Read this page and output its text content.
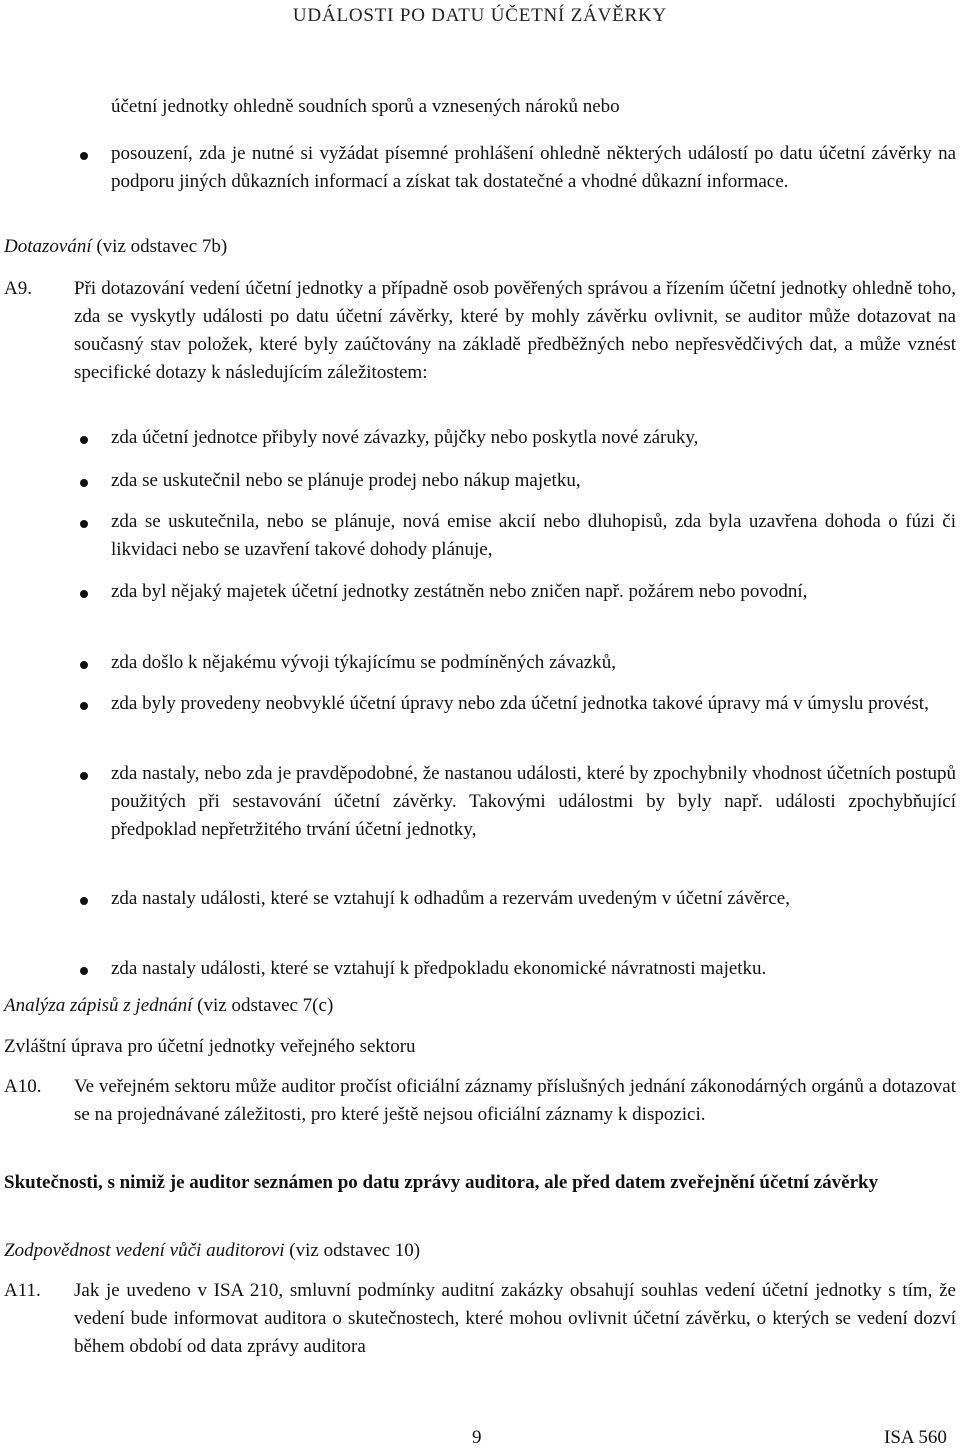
UDÁLOSTI PO DATU ÚČETNÍ ZÁVĚRKY
účetní jednotky ohledně soudních sporů a vznesených nároků nebo
posouzení, zda je nutné si vyžádat písemné prohlášení ohledně některých událostí po datu účetní závěrky na podporu jiných důkazních informací a získat tak dostatečné a vhodné důkazní informace.
Dotazování (viz odstavec 7b)
A9. Při dotazování vedení účetní jednotky a případně osob pověřených správou a řízením účetní jednotky ohledně toho, zda se vyskytly události po datu účetní závěrky, které by mohly závěrku ovlivnit, se auditor může dotazovat na současný stav položek, které byly zaúčtovány na základě předběžných nebo nepřesvědčivých dat, a může vznést specifické dotazy k následujícím záležitostem:
zda účetní jednotce přibyly nové závazky, půjčky nebo poskytla nové záruky,
zda se uskutečnil nebo se plánuje prodej nebo nákup majetku,
zda se uskutečnila, nebo se plánuje, nová emise akcií nebo dluhopisů, zda byla uzavřena dohoda o fúzi či likvidaci nebo se uzavření takové dohody plánuje,
zda byl nějaký majetek účetní jednotky zestátněn nebo zničen např. požárem nebo povodní,
zda došlo k nějakému vývoji týkajícímu se podmíněných závazků,
zda byly provedeny neobvyklé účetní úpravy nebo zda účetní jednotka takové úpravy má v úmyslu provést,
zda nastaly, nebo zda je pravděpodobné, že nastanou události, které by zpochybnily vhodnost účetních postupů použitých při sestavování účetní závěrky. Takovými událostmi by byly např. události zpochybňující předpoklad nepřetržitého trvání účetní jednotky,
zda nastaly události, které se vztahují k odhadům a rezervám uvedeným v účetní závěrce,
zda nastaly události, které se vztahují k předpokladu ekonomické návratnosti majetku.
Analýza zápisů z jednání (viz odstavec 7(c)
Zvláštní úprava pro účetní jednotky veřejného sektoru
A10. Ve veřejném sektoru může auditor pročíst oficiální záznamy příslušných jednání zákonodárných orgánů a dotazovat se na projednávané záležitosti, pro které ještě nejsou oficiální záznamy k dispozici.
Skutečnosti, s nimiž je auditor seznámen po datu zprávy auditora, ale před datem zveřejnění účetní závěrky
Zodpovědnost vedení vůči auditorovi (viz odstavec 10)
A11. Jak je uvedeno v ISA 210, smluvní podmínky auditní zakázky obsahují souhlas vedení účetní jednotky s tím, že vedení bude informovat auditora o skutečnostech, které mohou ovlivnit účetní závěrku, o kterých se vedení dozví během období od data zprávy auditora
9	ISA 560
